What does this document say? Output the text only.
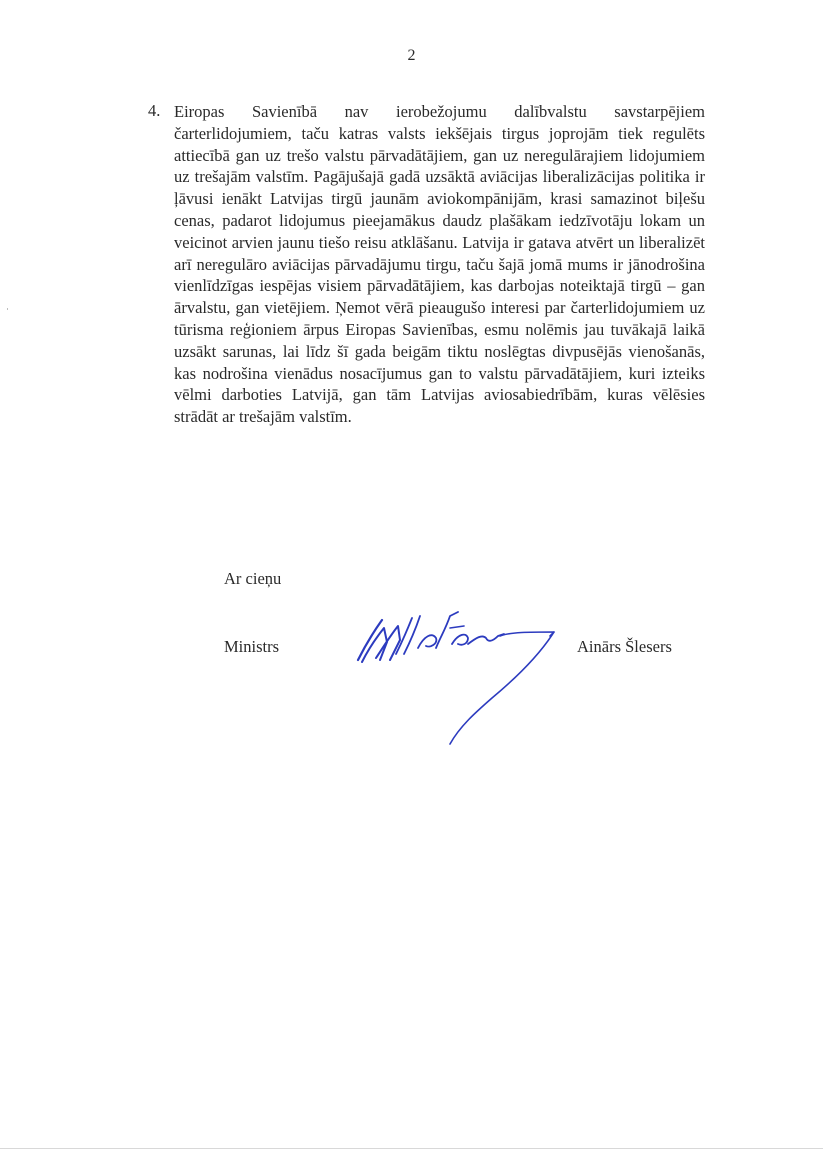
2
4. Eiropas Savienībā nav ierobežojumu dalībvalstu savstarpējiem čarterlidojumiem, taču katras valsts iekšējais tirgus joprojām tiek regulēts attiecībā gan uz trešo valstu pārvadātājiem, gan uz neregulārajiem lidojumiem uz trešajām valstīm. Pagājušajā gadā uzsāktā aviācijas liberalizācijas politika ir ļāvusi ienākt Latvijas tirgū jaunām aviokompānijām, krasi samazinot biļešu cenas, padarot lidojumus pieejamākus daudz plašākam iedzīvotāju lokam un veicinot arvien jaunu tiešo reisu atklāšanu. Latvija ir gatava atvērt un liberalizēt arī neregulāro aviācijas pārvadājumu tirgu, taču šajā jomā mums ir jānodrošina vienlīdzīgas iespējas visiem pārvadātājiem, kas darbojas noteiktajā tirgū – gan ārvalstu, gan vietējiem. Ņemot vērā pieaugušo interesi par čarterlidojumiem uz tūrisma reģioniem ārpus Eiropas Savienības, esmu nolēmis jau tuvākajā laikā uzsākt sarunas, lai līdz šī gada beigām tiktu noslēgtas divpusējās vienošanās, kas nodrošina vienādus nosacījumus gan to valstu pārvadātājiem, kuri izteiks vēlmi darboties Latvijā, gan tām Latvijas aviosabiedrībām, kuras vēlēsies strādāt ar trešajām valstīm.
Ar cieņu
Ministrs	Ainārs Šlesers
